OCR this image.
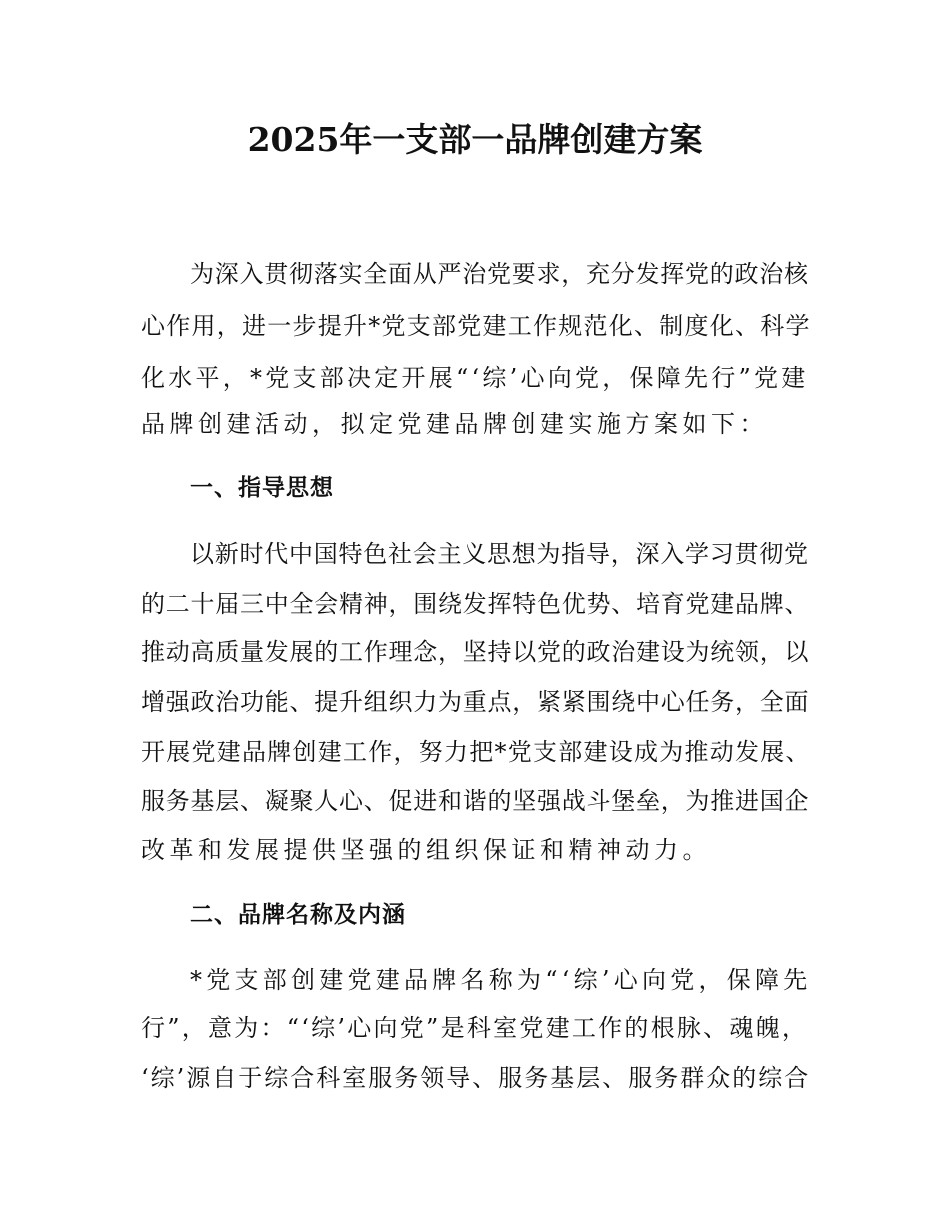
2025年一支部一品牌创建方案
为深入贯彻落实全面从严治党要求，充分发挥党的政治核
心作用，进一步提升*党支部党建工作规范化、制度化、科学
化水平，*党支部决定开展“‘综’心向党，保障先行”党建
品牌创建活动，拟定党建品牌创建实施方案如下：
一、指导思想
以新时代中国特色社会主义思想为指导，深入学习贯彻党
的二十届三中全会精神，围绕发挥特色优势、培育党建品牌、
推动高质量发展的工作理念，坚持以党的政治建设为统领，以
增强政治功能、提升组织力为重点，紧紧围绕中心任务，全面
开展党建品牌创建工作，努力把*党支部建设成为推动发展、
服务基层、凝聚人心、促进和谐的坚强战斗堡垒，为推进国企
改革和发展提供坚强的组织保证和精神动力。
二、品牌名称及内涵
*党支部创建党建品牌名称为“‘综’心向党，保障先
行”，意为：“‘综’心向党”是科室党建工作的根脉、魂魄，
‘综’源自于综合科室服务领导、服务基层、服务群众的综合
